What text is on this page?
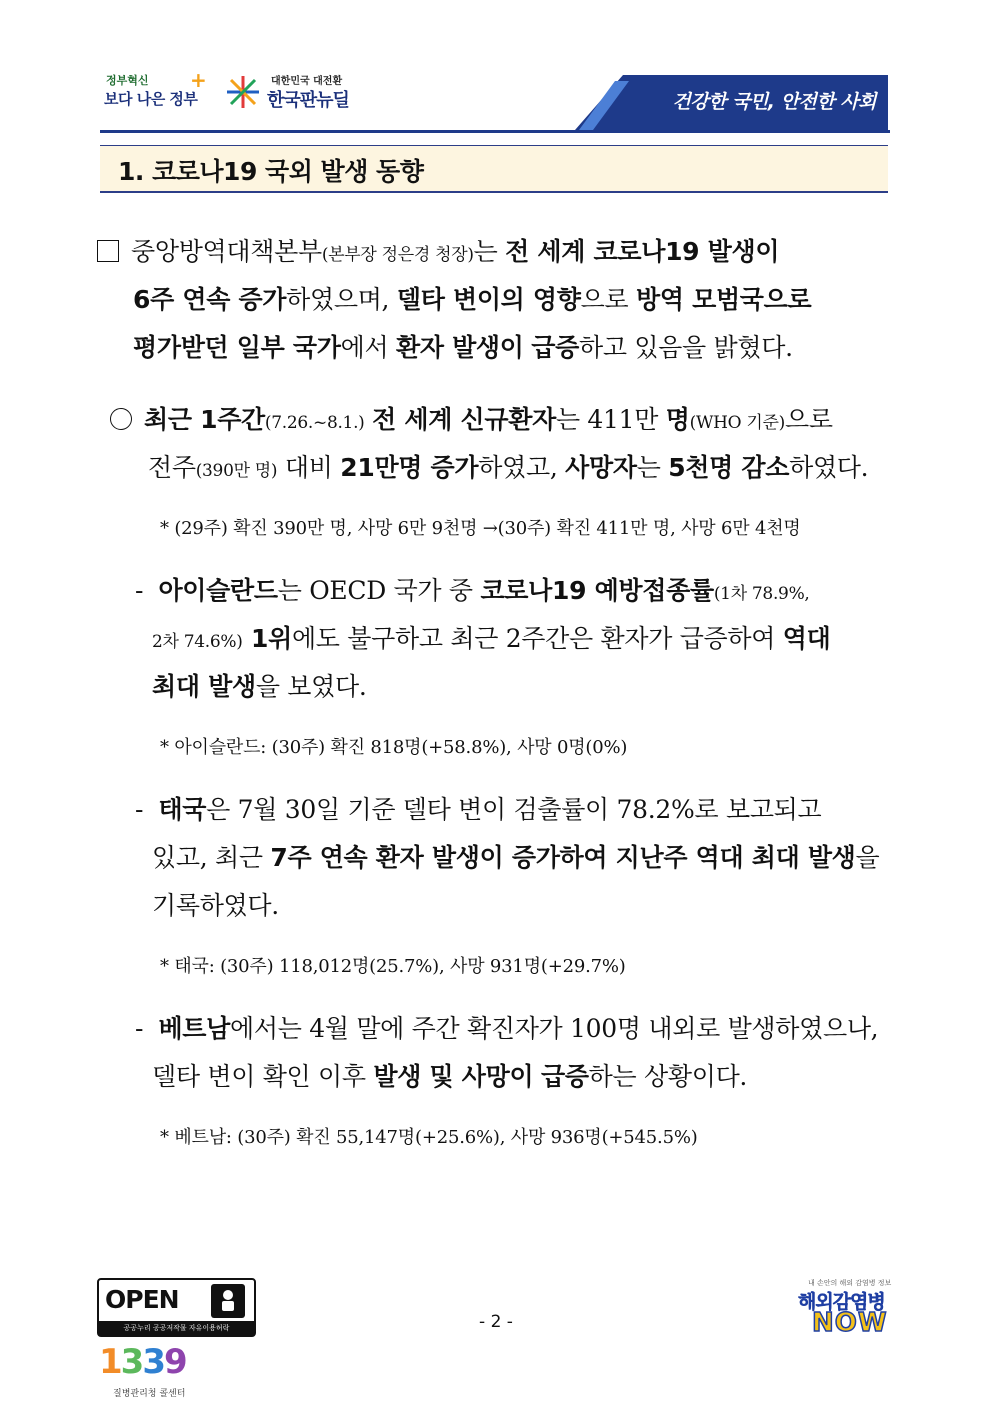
정부혁신
보다 나은 정부
+	대한민국 대전환
한국판뉴딜	건강한 국민, 안전한 사회
1. 코로나19 국외 발생 동향
중앙방역대책본부(본부장 정은경 청장)는 전 세계 코로나19 발생이
6주 연속 증가하였으며, 델타 변이의 영향으로 방역 모범국으로
평가받던 일부 국가에서 환자 발생이 급증하고 있음을 밝혔다.
최근 1주간(7.26.~8.1.) 전 세계 신규환자는 411만 명(WHO 기준)으로
전주(390만 명) 대비 21만명 증가하였고, 사망자는 5천명 감소하였다.
* (29주) 확진 390만 명, 사망 6만 9천명 →(30주) 확진 411만 명, 사망 6만 4천명
- 아이슬란드는 OECD 국가 중 코로나19 예방접종률(1차 78.9%,
2차 74.6%) 1위에도 불구하고 최근 2주간은 환자가 급증하여 역대
최대 발생을 보였다.
* 아이슬란드: (30주) 확진 818명(+58.8%), 사망 0명(0%)
- 태국은 7월 30일 기준 델타 변이 검출률이 78.2%로 보고되고
있고, 최근 7주 연속 환자 발생이 증가하여 지난주 역대 최대 발생을
기록하였다.
* 태국: (30주) 118,012명(25.7%), 사망 931명(+29.7%)
- 베트남에서는 4월 말에 주간 확진자가 100명 내외로 발생하였으나,
델타 변이 확인 이후 발생 및 사망이 급증하는 상황이다.
* 베트남: (30주) 확진 55,147명(+25.6%), 사망 936명(+545.5%)
OPEN
공공누리 공공저작물 자유이용허락
1339
질병관리청 콜센터
- 2 -
내 손안의 해외 감염병 정보
해외감염병
NOW
